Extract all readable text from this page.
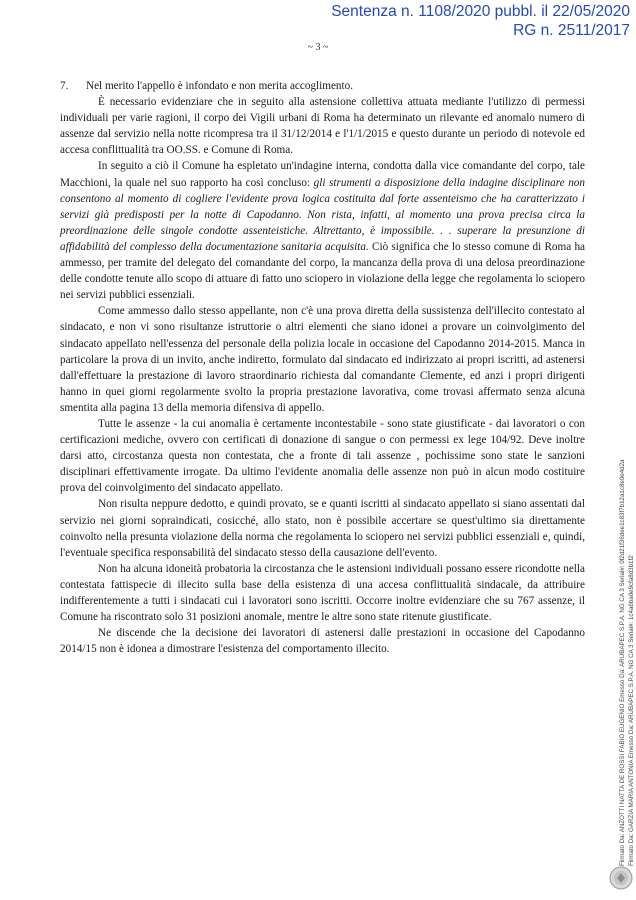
Sentenza n. 1108/2020 pubbl. il 22/05/2020
RG n. 2511/2017
~ 3 ~

7. Nel merito l'appello è infondato e non merita accoglimento.

È necessario evidenziare che in seguito alla astensione collettiva attuata mediante l'utilizzo di permessi individuali per varie ragioni, il corpo dei Vigili urbani di Roma ha determinato un rilevante ed anomalo numero di assenze dal servizio nella notte ricompresa tra il 31/12/2014 e l'1/1/2015 e questo durante un periodo di notevole ed accesa conflittualità tra OO.SS. e Comune di Roma.

In seguito a ciò il Comune ha espletato un'indagine interna, condotta dalla vice comandante del corpo, tale Macchioni, la quale nel suo rapporto ha così concluso: gli strumenti a disposizione della indagine disciplinare non consentono al momento di cogliere l'evidente prova logica costituita dal forte assenteismo che ha caratterizzato i servizi già predisposti per la notte di Capodanno. Non rista, infatti, al momento una prova precisa circa la preordinazione delle singole condotte assenteistiche. Altrettanto, è impossibile. . . superare la presunzione di affidabilità del complesso della documentazione sanitaria acquisita. Ciò significa che lo stesso comune di Roma ha ammesso, per tramite del delegato del comandante del corpo, la mancanza della prova di una delosa preordinazione delle condotte tenute allo scopo di attuare di fatto uno sciopero in violazione della legge che regolamenta lo sciopero nei servizi pubblici essenziali.

Come ammesso dallo stesso appellante, non c'è una prova diretta della sussistenza dell'illecito contestato al sindacato, e non vi sono risultanze istruttorie o altri elementi che siano idonei a provare un coinvolgimento del sindacato appellato nell'essenza del personale della polizia locale in occasione del Capodanno 2014-2015. Manca in particolare la prova di un invito, anche indiretto, formulato dal sindacato ed indirizzato ai propri iscritti, ad astenersi dall'effettuare la prestazione di lavoro straordinario richiesta dal comandante Clemente, ed anzi i propri dirigenti hanno in quei giorni regolarmente svolto la propria prestazione lavorativa, come trovasi affermato senza alcuna smentita alla pagina 13 della memoria difensiva di appello.

Tutte le assenze - la cui anomalia è certamente incontestabile - sono state giustificate - dai lavoratori o con certificazioni mediche, ovvero con certificati di donazione di sangue o con permessi ex lege 104/92. Deve inoltre darsi atto, circostanza questa non contestata, che a fronte di tali assenze , pochissime sono state le sanzioni disciplinari effettivamente irrogate. Da ultimo l'evidente anomalia delle assenze non può in alcun modo costituire prova del coinvolgimento del sindacato appellato.

Non risulta neppure dedotto, e quindi provato, se e quanti iscritti al sindacato appellato si siano assentati dal servizio nei giorni sopraindicati, cosicché, allo stato, non è possibile accertare se quest'ultimo sia direttamente coinvolto nella presunta violazione della norma che regolamenta lo sciopero nei servizi pubblici essenziali e, quindi, l'eventuale specifica responsabilità del sindacato stesso della causazione dell'evento.

Non ha alcuna idoneità probatoria la circostanza che le astensioni individuali possano essere ricondotte nella contestata fattispecie di illecito sulla base della esistenza di una accesa conflittualità sindacale, da attribuire indifferentemente a tutti i sindacati cui i lavoratori sono iscritti. Occorre inoltre evidenziare che su 767 assenze, il Comune ha riscontrato solo 31 posizioni anomale, mentre le altre sono state ritenute giustificate.

Ne discende che la decisione dei lavoratori di astenersi dalle prestazioni in occasione del Capodanno 2014/15 non è idonea a dimostrare l'esistenza del comportamento illecito.	Firmato Da: ANZOTTI NATTA DE ROSSI FABIO EUGENIO Emesso Da: ARUBAPEC S.P.A. NG CA 3 Serial#: 0f2d21f36dee1c83f7b12a1c8e0e4d2a Firmato Da: GARZIA MARIA ANTONIA Emesso Da: ARUBAPEC S.P.A. NG CA 3 Serial#: 1c4a6ba0e9cfa8d3b1f2
